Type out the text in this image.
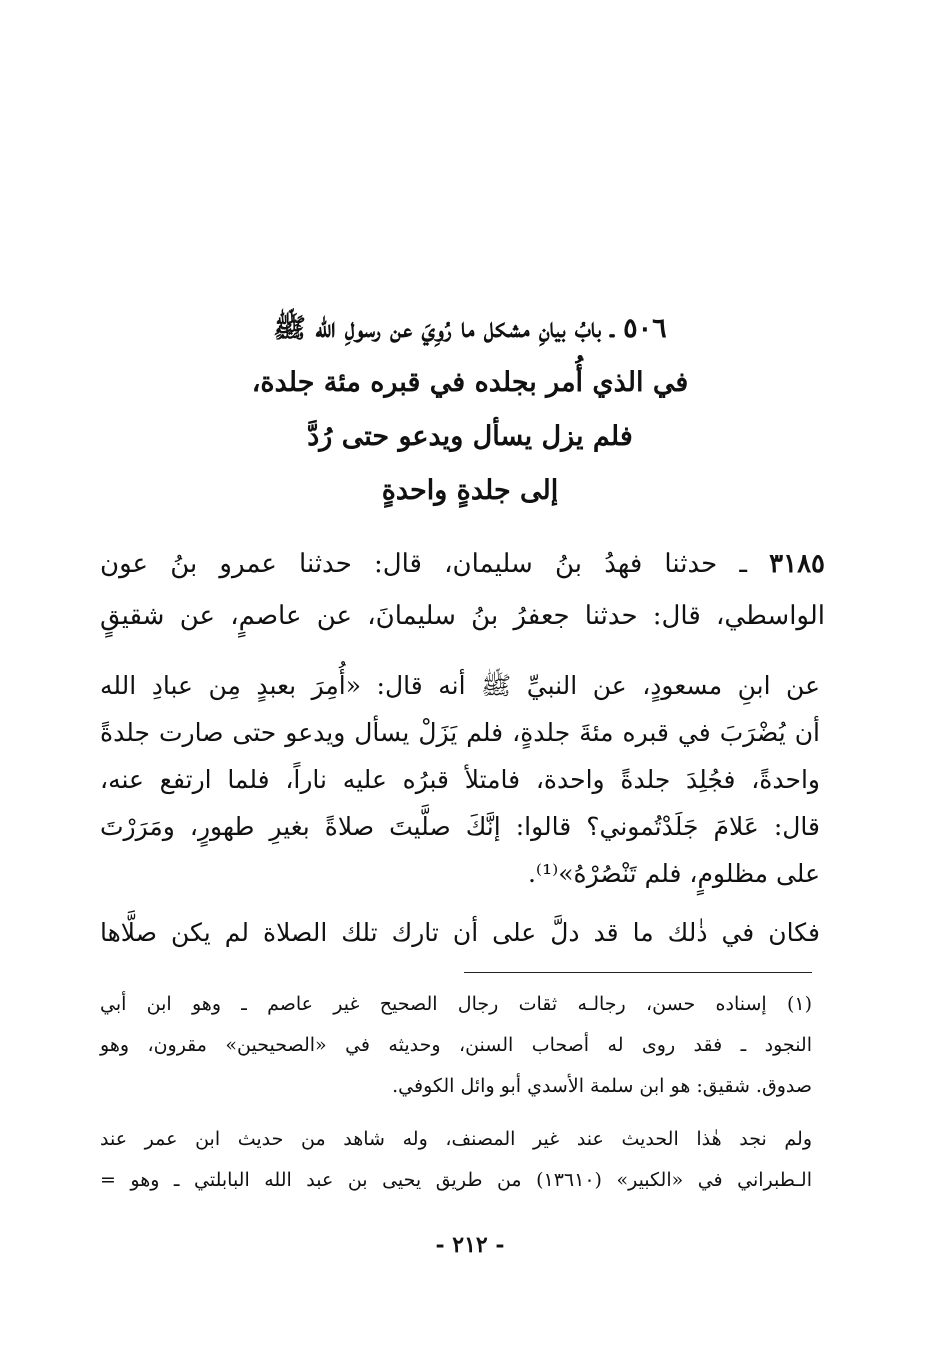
٥٠٦ ـ بابُ بيانِ مشكل ما رُوِيَ عن رسولِ الله ﷺ
في الذي أُمر بجلده في قبره مئة جلدة،
فلم يزل يسأل ويدعو حتى رُدَّ
إلى جلدةٍ واحدةٍ
٣١٨٥ ـ حدثنا فهدُ بنُ سليمان، قال: حدثنا عمرو بنُ عون
الواسطي، قال: حدثنا جعفرُ بنُ سليمانَ، عن عاصمٍ، عن شقيقٍ
عن ابنِ مسعودٍ، عن النبيِّ ﷺ أنه قال: «أُمِرَ بعبدٍ مِن عبادِ الله
أن يُضْرَبَ في قبره مئةَ جلدةٍ، فلم يَزَلْ يسأل ويدعو حتى صارت جلدةً
واحدةً، فجُلِدَ جلدةً واحدة، فامتلأ قبرُه عليه ناراً، فلما ارتفع عنه،
قال: عَلامَ جَلَدْتُموني؟ قالوا: إنَّكَ صلَّيتَ صلاةً بغيرِ طهورٍ، ومَرَرْتَ
على مظلومٍ، فلم تَنْصُرْهُ»⁽¹⁾.
فكان في ذٰلك ما قد دلَّ على أن تارك تلك الصلاة لم يكن صلَّاها
(١) إسناده حسن، رجالـه ثقات رجال الصحيح غير عاصم ـ وهو ابن أبي
النجود ـ فقد روى له أصحاب السنن، وحديثه في «الصحيحين» مقرون، وهو
صدوق. شقيق: هو ابن سلمة الأسدي أبو وائل الكوفي.
ولم نجد هٰذا الحديث عند غير المصنف، وله شاهد من حديث ابن عمر عند
الـطبراني في «الكبير» (١٣٦١٠) من طريق يحيى بن عبد الله البابلتي ـ وهو =
- ٢١٢ -
